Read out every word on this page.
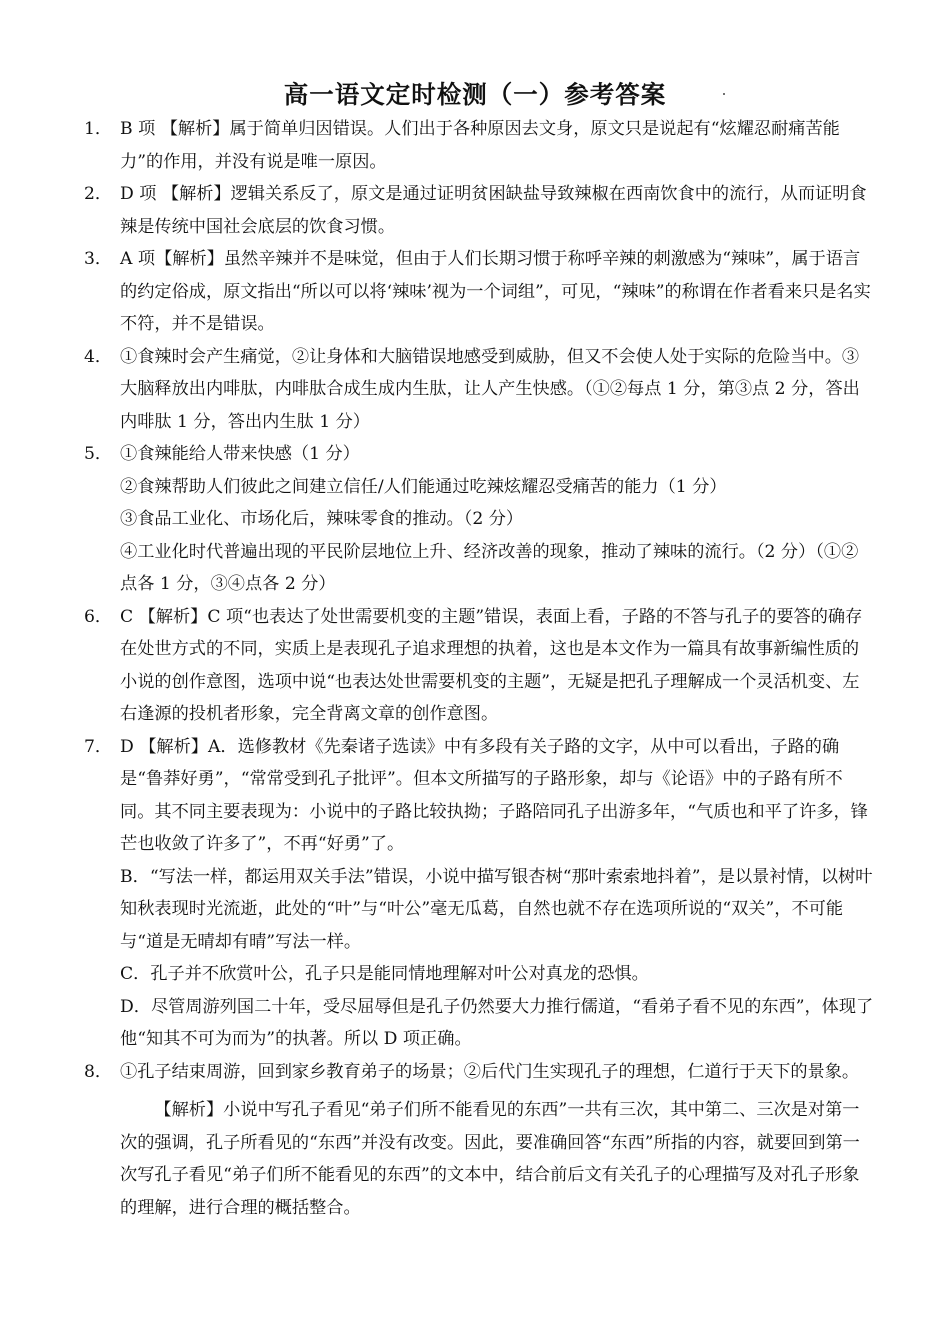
高一语文定时检测（一）参考答案
1． B 项 【解析】属于简单归因错误。人们出于各种原因去文身，原文只是说起有“炫耀忍耐痛苦能力”的作用，并没有说是唯一原因。
2． D 项 【解析】逻辑关系反了，原文是通过证明贫困缺盐导致辣椒在西南饮食中的流行，从而证明食辣是传统中国社会底层的饮食习惯。
3． A 项【解析】虽然辛辣并不是味觉，但由于人们长期习惯于称呼辛辣的刺激感为“辣味”，属于语言的约定俗成，原文指出“所以可以将‘辣味’视为一个词组”，可见，“辣味”的称谓在作者看来只是名实不符，并不是错误。
4． ①食辣时会产生痛觉，②让身体和大脑错误地感受到威胁，但又不会使人处于实际的危险当中。③大脑释放出内啡肽，内啡肽合成生成内生肽，让人产生快感。（①②每点 1 分，第③点 2 分，答出内啡肽 1 分，答出内生肽 1 分）
5． ①食辣能给人带来快感（1 分）
②食辣帮助人们彼此之间建立信任/人们能通过吃辣炫耀忍受痛苦的能力（1 分）
③食品工业化、市场化后，辣味零食的推动。（2 分）
④工业化时代普遍出现的平民阶层地位上升、经济改善的现象，推动了辣味的流行。（2 分）（①②点各 1 分，③④点各 2 分）
6． C 【解析】C 项“也表达了处世需要机变的主题”错误，表面上看，子路的不答与孔子的要答的确存在处世方式的不同，实质上是表现孔子追求理想的执着，这也是本文作为一篇具有故事新编性质的小说的创作意图，选项中说“也表达处世需要机变的主题”，无疑是把孔子理解成一个灵活机变、左右逢源的投机者形象，完全背离文章的创作意图。
7． D 【解析】A．选修教材《先秦诸子选读》中有多段有关子路的文字，从中可以看出，子路的确是“鲁莽好勇”，“常常受到孔子批评”。但本文所描写的子路形象，却与《论语》中的子路有所不同。其不同主要表现为：小说中的子路比较执拗；子路陪同孔子出游多年，“气质也和平了许多，锋芒也收敛了许多了”，不再“好勇”了。
B．“写法一样，都运用双关手法”错误，小说中描写银杏树“那叶索索地抖着”，是以景衬情，以树叶知秋表现时光流逝，此处的“叶”与“叶公”毫无瓜葛，自然也就不存在选项所说的“双关”，不可能与“道是无晴却有晴”写法一样。
C．孔子并不欣赏叶公，孔子只是能同情地理解对叶公对真龙的恐惧。
D．尽管周游列国二十年，受尽屈辱但是孔子仍然要大力推行儒道，“看弟子看不见的东西”，体现了他“知其不可为而为”的执著。所以 D 项正确。
8． ①孔子结束周游，回到家乡教育弟子的场景；②后代门生实现孔子的理想，仁道行于天下的景象。
【解析】小说中写孔子看见“弟子们所不能看见的东西”一共有三次，其中第二、三次是对第一次的强调，孔子所看见的“东西”并没有改变。因此，要准确回答“东西”所指的内容，就要回到第一次写孔子看见“弟子们所不能看见的东西”的文本中，结合前后文有关孔子的心理描写及对孔子形象的理解，进行合理的概括整合。
